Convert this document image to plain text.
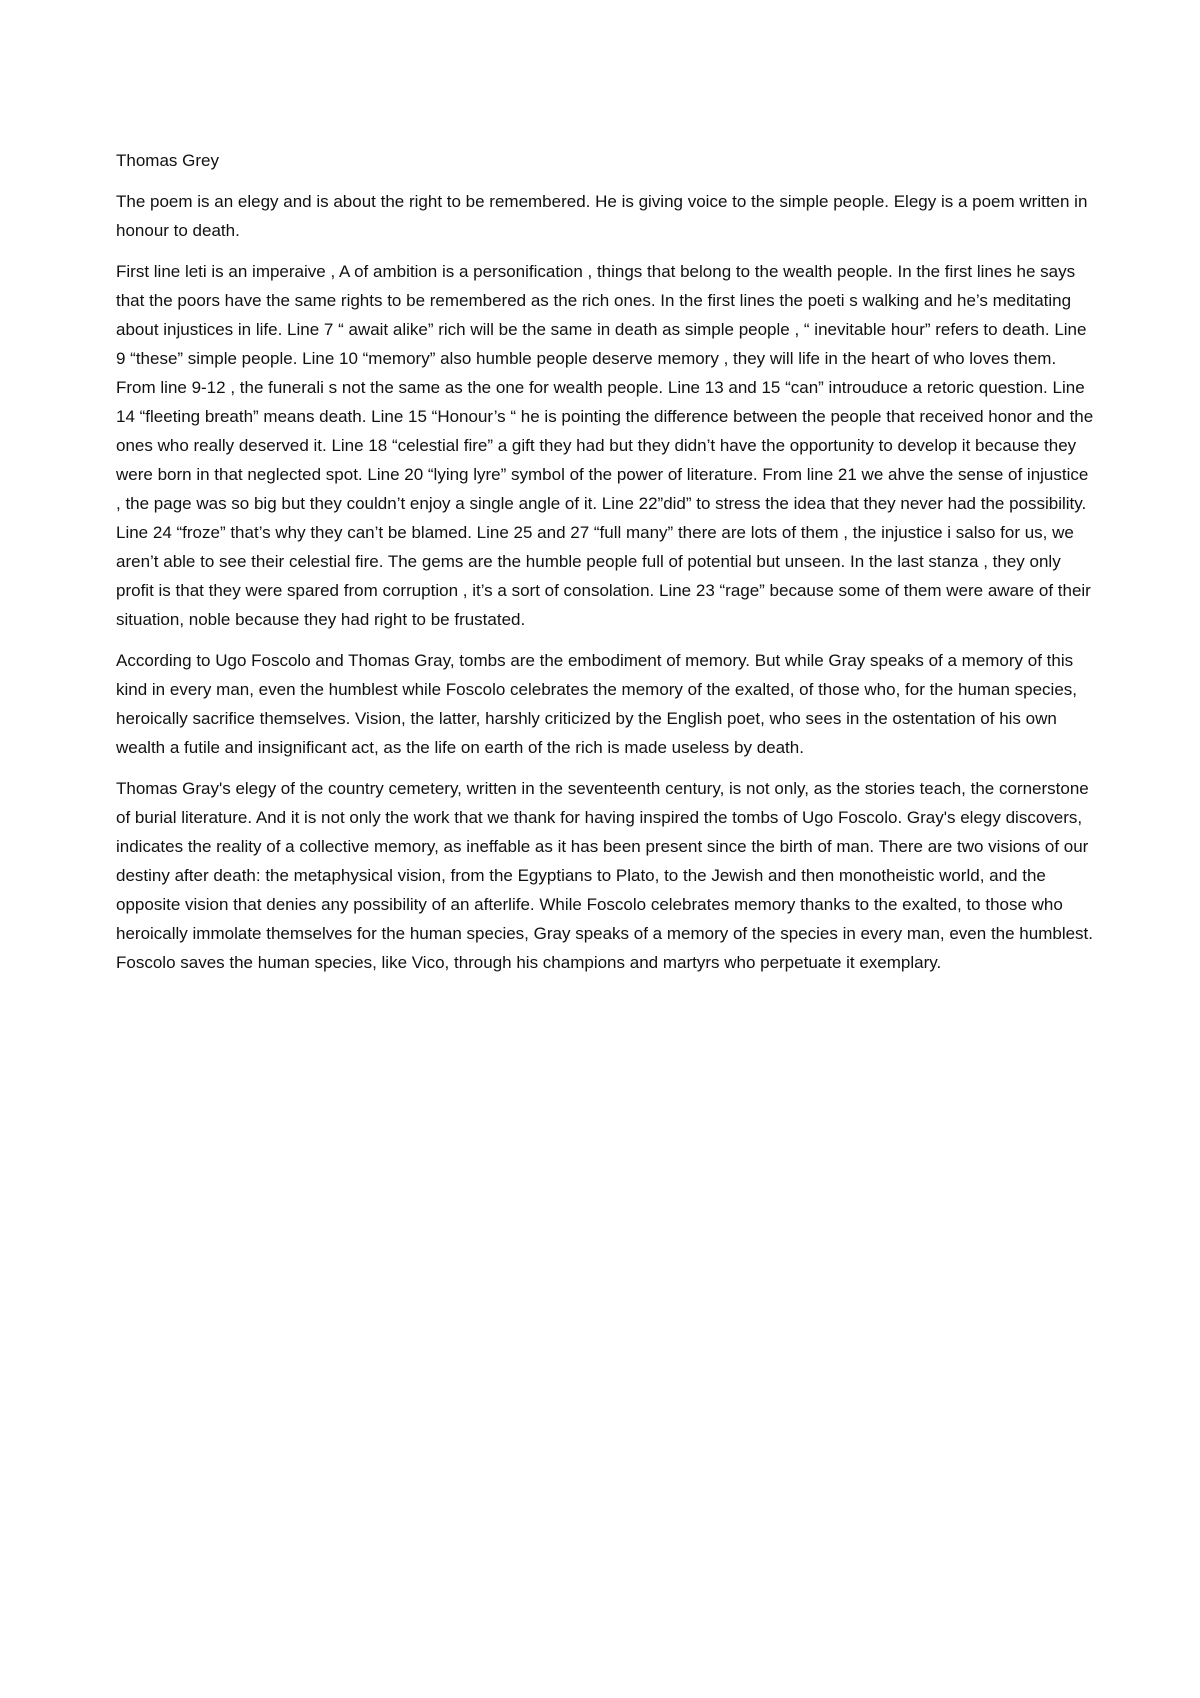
Thomas Grey

The poem is an elegy and is about the right to be remembered. He is giving voice to the simple people. Elegy is a poem written in honour to death.

First line leti is an imperaive , A of ambition is a personification , things that belong to the wealth people. In the first lines he says that the poors have the same rights to be remembered as the rich ones. In the first lines the poeti s walking and he’s meditating about injustices in life. Line 7 “ await alike” rich will be the same in death as simple people , “ inevitable hour” refers to death. Line 9 “these” simple people. Line 10 “memory” also humble people deserve memory , they will life in the heart of who loves them. From line 9-12 , the funerali s not the same as the one for wealth people. Line 13 and 15 “can” introuduce a retoric question. Line 14 “fleeting breath” means death. Line 15 “Honour’s “ he is pointing the difference between the people that received honor and the ones who really deserved it. Line 18 “celestial fire” a gift they had but they didn’t have the opportunity to develop it because they were born in that neglected spot. Line 20 “lying lyre” symbol of the power of literature. From line 21 we ahve the sense of injustice , the page was so big but they couldn’t enjoy a single angle of it. Line 22”did” to stress the idea that they never had the possibility. Line 24 “froze” that’s why they can’t be blamed. Line 25 and 27 “full many” there are lots of them , the injustice i salso for us, we aren’t able to see their celestial fire. The gems are the humble people full of potential but unseen. In the last stanza , they only profit is that they were spared from corruption , it’s a sort of consolation. Line 23 “rage” because some of them were aware of their situation, noble because they had right to be frustated.

According to Ugo Foscolo and Thomas Gray, tombs are the embodiment of memory. But while Gray speaks of a memory of this kind in every man, even the humblest while Foscolo celebrates the memory of the exalted, of those who, for the human species, heroically sacrifice themselves. Vision, the latter, harshly criticized by the English poet, who sees in the ostentation of his own wealth a futile and insignificant act, as the life on earth of the rich is made useless by death.

Thomas Gray's elegy of the country cemetery, written in the seventeenth century, is not only, as the stories teach, the cornerstone of burial literature. And it is not only the work that we thank for having inspired the tombs of Ugo Foscolo. Gray's elegy discovers, indicates the reality of a collective memory, as ineffable as it has been present since the birth of man. There are two visions of our destiny after death: the metaphysical vision, from the Egyptians to Plato, to the Jewish and then monotheistic world, and the opposite vision that denies any possibility of an afterlife. While Foscolo celebrates memory thanks to the exalted, to those who heroically immolate themselves for the human species, Gray speaks of a memory of the species in every man, even the humblest. Foscolo saves the human species, like Vico, through his champions and martyrs who perpetuate it exemplary.
